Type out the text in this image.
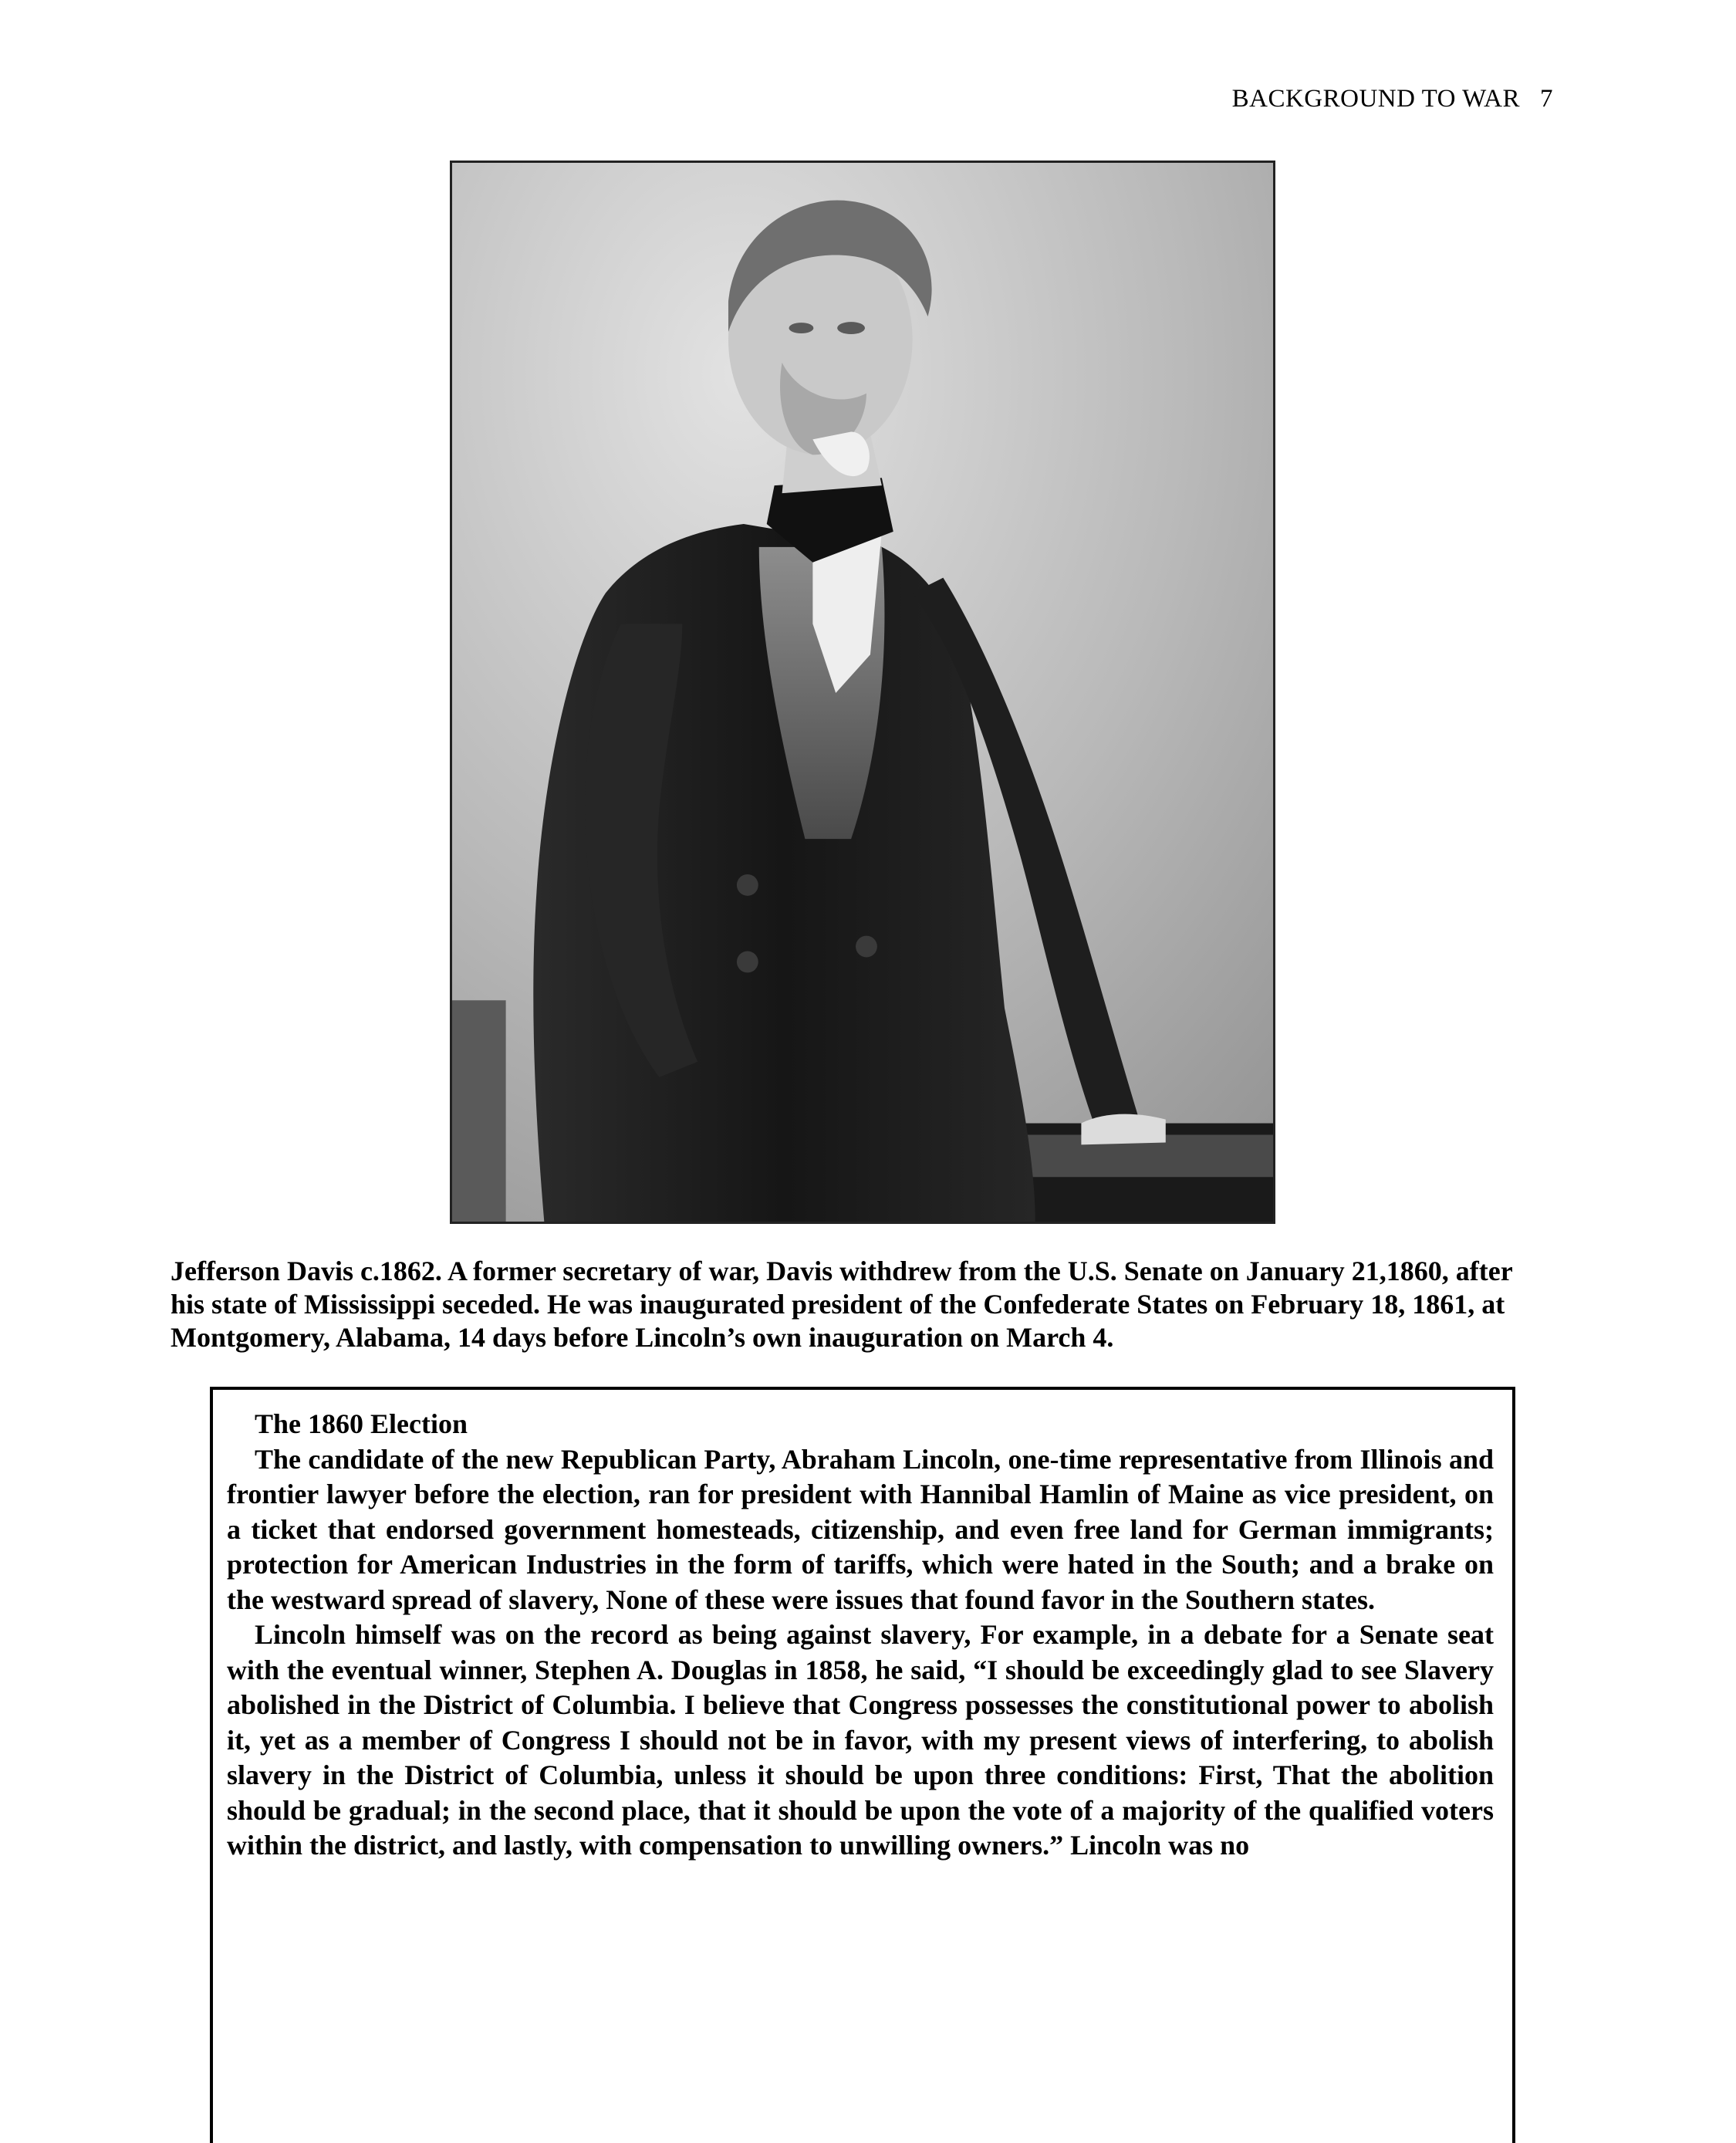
BACKGROUND TO WAR 7
Jefferson Davis c.1862. A former secretary of war, Davis withdrew from the U.S. Senate on January 21,1860, after his state of Mississippi seceded. He was inaugurated president of the Confederate States on February 18, 1861, at Montgomery, Alabama, 14 days before Lincoln’s own inauguration on March 4.

The 1860 Election

The candidate of the new Republican Party, Abraham Lincoln, one-time representative from Illinois and frontier lawyer before the election, ran for president with Hannibal Hamlin of Maine as vice president, on a ticket that endorsed government homesteads, citizenship, and even free land for German immigrants; protection for American Industries in the form of tariffs, which were hated in the South; and a brake on the westward spread of slavery, None of these were issues that found favor in the Southern states.

Lincoln himself was on the record as being against slavery, For example, in a debate for a Senate seat with the eventual winner, Stephen A. Douglas in 1858, he said, “I should be exceedingly glad to see Slavery abolished in the District of Columbia. I believe that Congress possesses the constitutional power to abolish it, yet as a member of Congress I should not be in favor, with my present views of interfering, to abolish slavery in the District of Columbia, unless it should be upon three conditions: First, That the abolition should be gradual; in the second place, that it should be upon the vote of a majority of the qualified voters within the district, and lastly, with compensation to unwilling owners.” Lincoln was no
